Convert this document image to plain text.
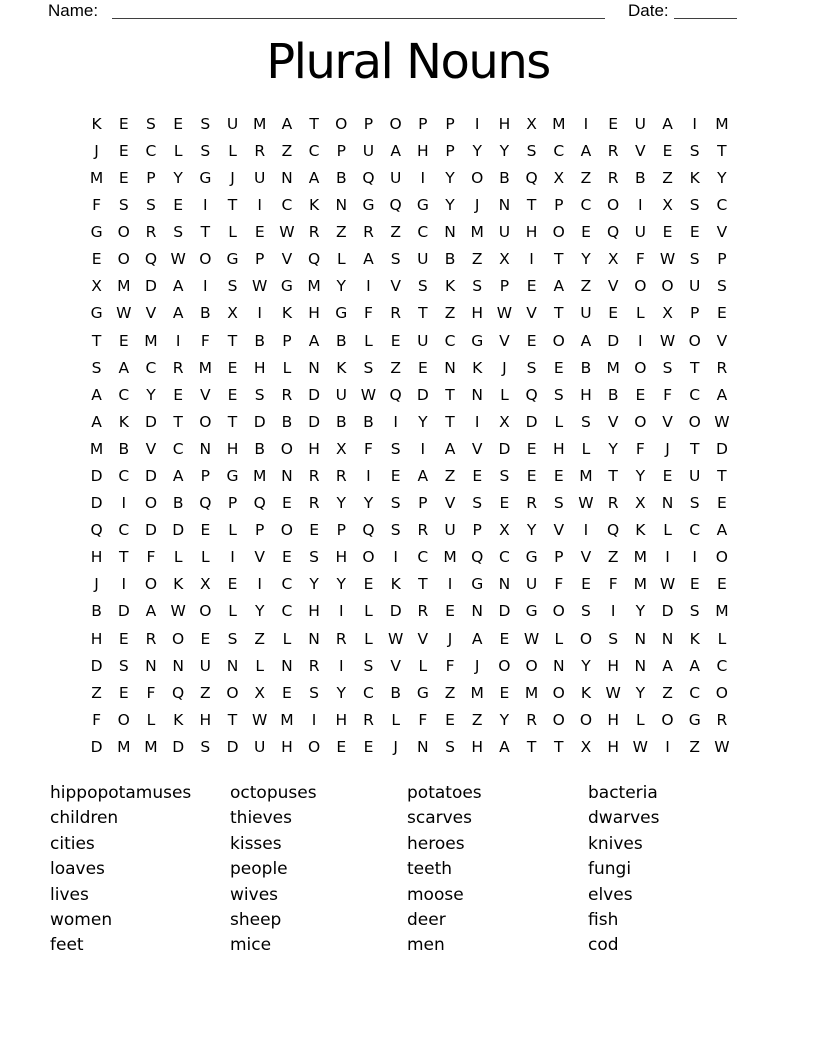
Name:	Date:
Plural Nouns
K	E	S	E	S	U M A	T	O	P	O	P	P	I	H	X M	I	E	U	A	I	M
J	E	C	L	S	L	R	Z	C	P	U	A	H	P	Y	Y	S	C	A	R	V	E	S	T
M	E	P	Y	G	J	U	N	A	B	Q U	I	Y	O	B	Q	X	Z	R	B	Z	K	Y
F	S	S	E	I	T	I	C	K	N G Q G	Y	J	N	T	P	C	O	I	X	S	C
G O	R	S	T	L	E W R	Z	R	Z	C	N M U	H O	E	Q U	E	E	V
E	O Q W O G	P	V	Q	L	A	S	U	B	Z	X	I	T	Y	X	F W S	P
X M D	A	I	S W G M	Y	I	V	S	K	S	P	E	A	Z	V	O O U	S
G W V	A	B	X	I	K	H G	F	R	T	Z	H W V	T	U	E	L	X	P	E
T	E	M	I	F	T	B	P	A	B	L	E	U	C	G	V	E	O	A	D	I	W O	V
S	A	C	R M	E	H	L	N	K	S	Z	E	N	K	J	S	E	B M O	S	T	R
A	C	Y	E	V	E	S	R	D	U W Q D	T	N	L	Q	S	H	B	E	F	C	A
A	K	D	T	O	T	D	B	D	B	B	I	Y	T	I	X	D	L	S	V	O	V	O W
M B	V	C	N	H	B	O H	X	F	S	I	A	V	D	E	H	L	Y	F	J	T	D
D	C	D	A	P	G M N	R	R	I	E	A	Z	E	S	E	E	M	T	Y	E	U	T
D	I	O	B	Q	P	Q	E	R	Y	Y	S	P	V	S	E	R	S W R	X	N	S	E
Q	C	D D	E	L	P	O	E	P	Q	S	R	U	P	X	Y	V	I	Q	K	L	C	A
H	T	F	L	L	I	V	E	S	H O	I	C M Q	C	G	P	V	Z M	I	I	O
J	I	O	K	X	E	I	C	Y	Y	E	K	T	I	G N	U	F	E	F	M W E	E
B	D	A W O	L	Y	C	H	I	L	D	R	E	N D G O	S	I	Y	D	S	M
H	E	R	O	E	S	Z	L	N	R	L W V	J	A	E W L	O	S	N	N	K	L
D	S	N	N	U	N	L	N	R	I	S	V	L	F	J	O O N	Y	H	N	A	A	C
Z	E	F	Q	Z	O	X	E	S	Y	C	B	G	Z M	E	M O	K W Y	Z	C	O
F	O	L	K	H	T W M	I	H	R	L	F	E	Z	Y	R	O O H	L	O G	R
D M M D	S	D	U	H O	E	E	J	N	S	H	A	T	T	X	H W	I	Z W
hippopotamuses
children
cities
loaves
lives
women
feet
octopuses
thieves
kisses
people
wives
sheep
mice
potatoes
scarves
heroes
teeth
moose
deer
men
bacteria
dwarves
knives
fungi
elves
fish
cod
